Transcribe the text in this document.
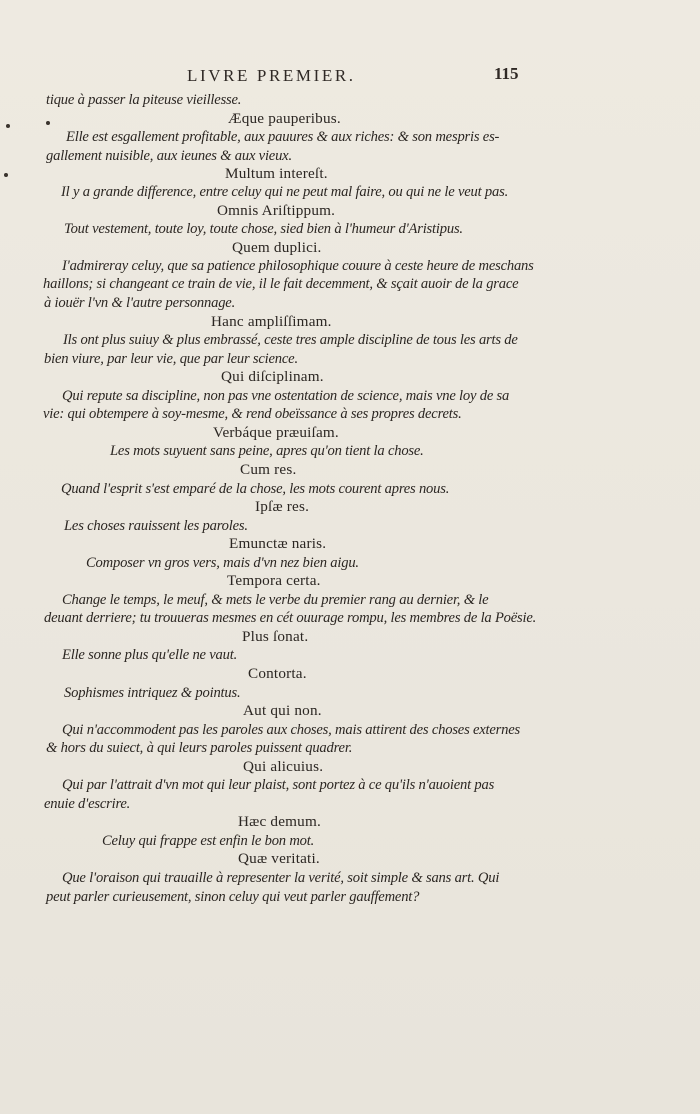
LIVRE PREMIER.	115
tique à passer la piteuse vieillesse.
Æque pauperibus.
Elle est esgallement profitable, aux pauures & aux riches: & son mespris es-
gallement nuisible, aux ieunes & aux vieux.
Multum intereſt.
Il y a grande difference, entre celuy qui ne peut mal faire, ou qui ne le veut pas.
Omnis Ariſtippum.
Tout vestement, toute loy, toute chose, sied bien à l'humeur d'Aristipus.
Quem duplici.
I'admireray celuy, que sa patience philosophique couure à ceste heure de meschans
haillons; si changeant ce train de vie, il le fait decemment, & sçait auoir de la grace
à iouër l'vn & l'autre personnage.
Hanc ampliſſimam.
Ils ont plus suiuy & plus embrassé, ceste tres ample discipline de tous les arts de
bien viure, par leur vie, que par leur science.
Qui diſciplinam.
Qui repute sa discipline, non pas vne ostentation de science, mais vne loy de sa
vie: qui obtempere à soy-mesme, & rend obeïssance à ses propres decrets.
Verbáque præuiſam.
Les mots suyuent sans peine, apres qu'on tient la chose.
Cum res.
Quand l'esprit s'est emparé de la chose, les mots courent apres nous.
Ipſæ res.
Les choses rauissent les paroles.
Emunctæ naris.
Composer vn gros vers, mais d'vn nez bien aigu.
Tempora certa.
Change le temps, le meuf, & mets le verbe du premier rang au dernier, & le
deuant derriere; tu trouueras mesmes en cét ouurage rompu, les membres de la Poësie.
Plus ſonat.
Elle sonne plus qu'elle ne vaut.
Contorta.
Sophismes intriquez & pointus.
Aut qui non.
Qui n'accommodent pas les paroles aux choses, mais attirent des choses externes
& hors du suiect, à qui leurs paroles puissent quadrer.
Qui alicuius.
Qui par l'attrait d'vn mot qui leur plaist, sont portez à ce qu'ils n'auoient pas
enuie d'escrire.
Hæc demum.
Celuy qui frappe est enfin le bon mot.
Quæ veritati.
Que l'oraison qui trauaille à representer la verité, soit simple & sans art. Qui
peut parler curieusement, sinon celuy qui veut parler gauffement?
